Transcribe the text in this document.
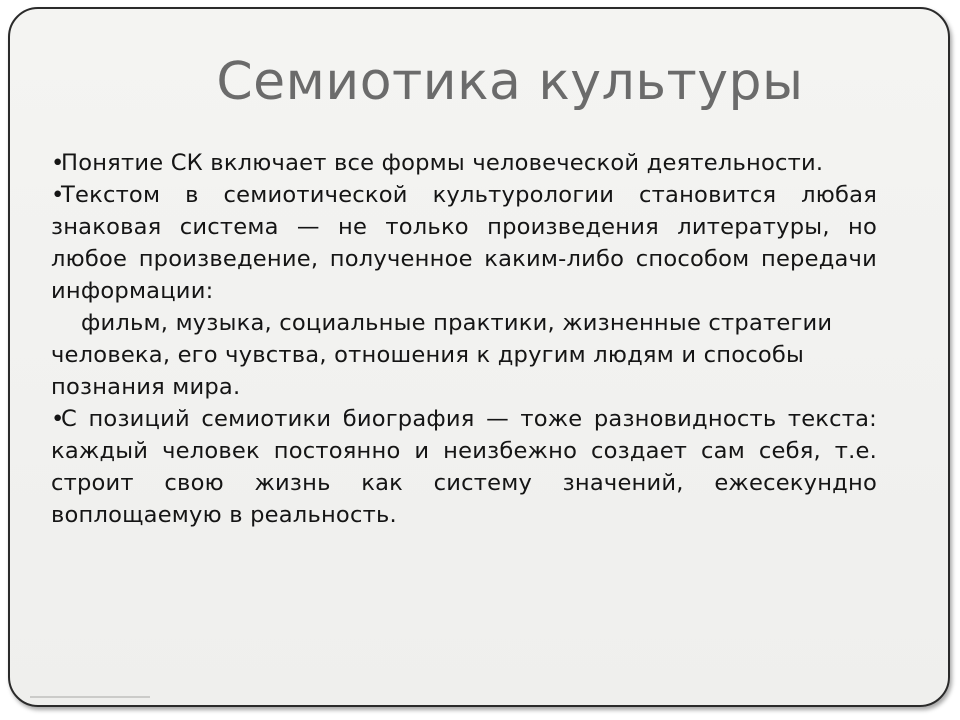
Семиотика культуры

•Понятие СК включает все формы человеческой деятельности.

•Текстом в семиотической культурологии становится любая знаковая система — не только произведения литературы, но любое произведение, полученное каким-либо способом передачи информации:

фильм, музыка, социальные практики, жизненные стратегии человека, его чувства, отношения к другим людям и способы познания мира.

•С позиций семиотики биография — тоже разновидность текста: каждый человек постоянно и неизбежно создает сам себя, т.е. строит свою жизнь как систему значений, ежесекундно воплощаемую в реальность.
